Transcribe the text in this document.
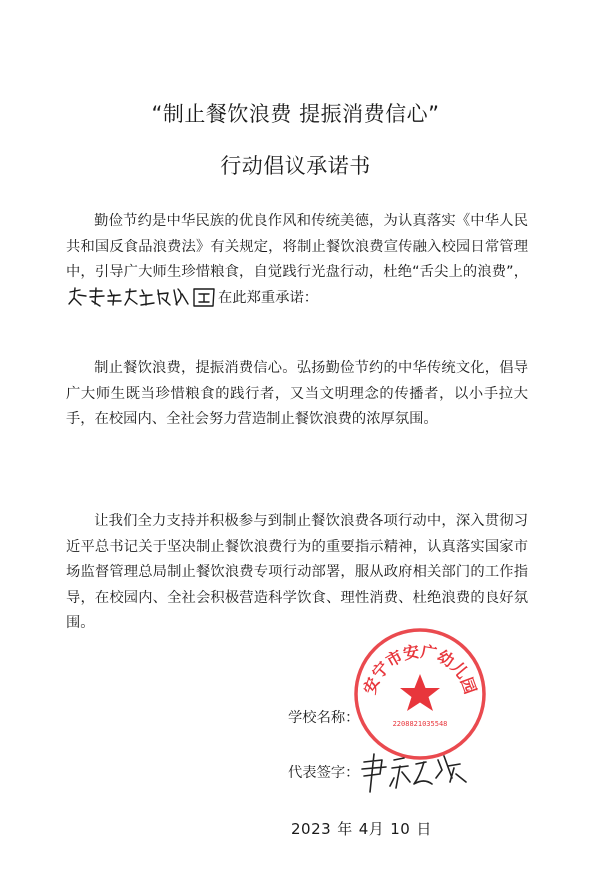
“制止餐饮浪费 提振消费信心”
行动倡议承诺书

勤俭节约是中华民族的优良作风和传统美德，为认真落实《中华人民共和国反食品浪费法》有关规定，将制止餐饮浪费宣传融入校园日常管理中，引导广大师生珍惜粮食，自觉践行光盘行动，杜绝“舌尖上的浪费”，在此郑重承诺：

制止餐饮浪费，提振消费信心。弘扬勤俭节约的中华传统文化，倡导广大师生既当珍惜粮食的践行者，又当文明理念的传播者，以小手拉大手，在校园内、全社会努力营造制止餐饮浪费的浓厚氛围。

让我们全力支持并积极参与到制止餐饮浪费各项行动中，深入贯彻习近平总书记关于坚决制止餐饮浪费行为的重要指示精神，认真落实国家市场监督管理总局制止餐饮浪费专项行动部署，服从政府相关部门的工作指导，在校园内、全社会积极营造科学饮食、理性消费、杜绝浪费的良好氛围。

安宁市安广幼儿园
2208821035548
学校名称：
代表签字：
2023 年 4月 10 日
